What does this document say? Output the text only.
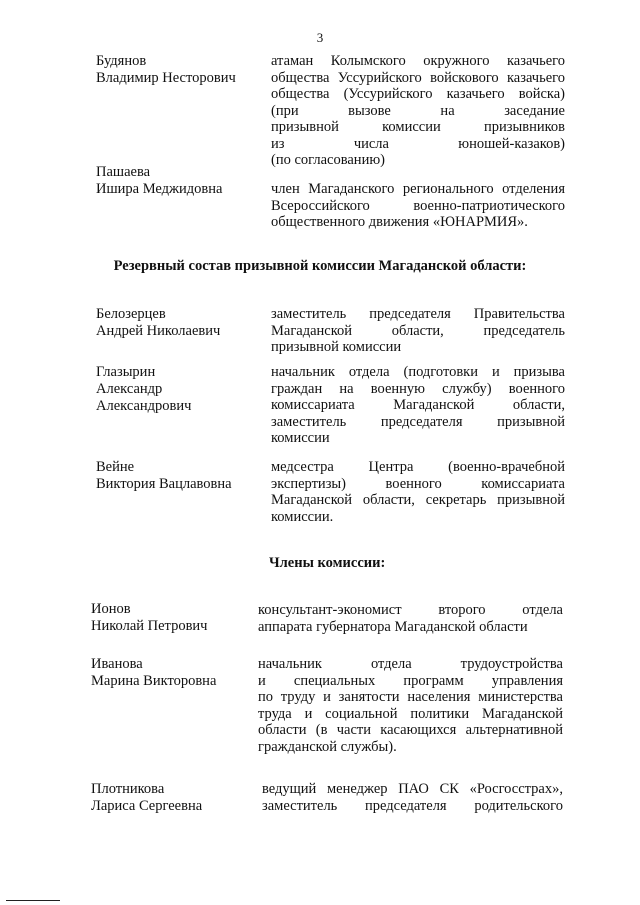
3
Будянов
Владимир Несторович
атаман Колымского окружного казачьего
общества Уссурийского войскового казачьего
общества (Уссурийского казачьего войска)
(при вызове на заседание
призывной комиссии призывников
из числа юношей-казаков)
(по согласованию)
Пашаева
Ишира Меджидовна	член Магаданского регионального отделения
Всероссийского военно-патриотического
общественного движения «ЮНАРМИЯ».
Резервный состав призывной комиссии Магаданской области:
Белозерцев
Андрей Николаевич
заместитель председателя Правительства
Магаданской области, председатель
призывной комиссии
Глазырин
Александр
Александрович
начальник отдела (подготовки и призыва
граждан на военную службу) военного
комиссариата Магаданской области,
заместитель председателя призывной
комиссии
Вейне
Виктория Вацлавовна
медсестра Центра (военно-врачебной
экспертизы) военного комиссариата
Магаданской области, секретарь призывной
комиссии.
Члены комиссии:
Ионов
Николай Петрович
консультант-экономист второго отдела
аппарата губернатора Магаданской области
Иванова
Марина Викторовна
начальник отдела трудоустройства
и специальных программ управления
по труду и занятости населения министерства
труда и социальной политики Магаданской
области (в части касающихся альтернативной
гражданской службы).
Плотникова
Лариса Сергеевна
ведущий менеджер ПАО СК «Росгосстрах»,
заместитель председателя родительского
